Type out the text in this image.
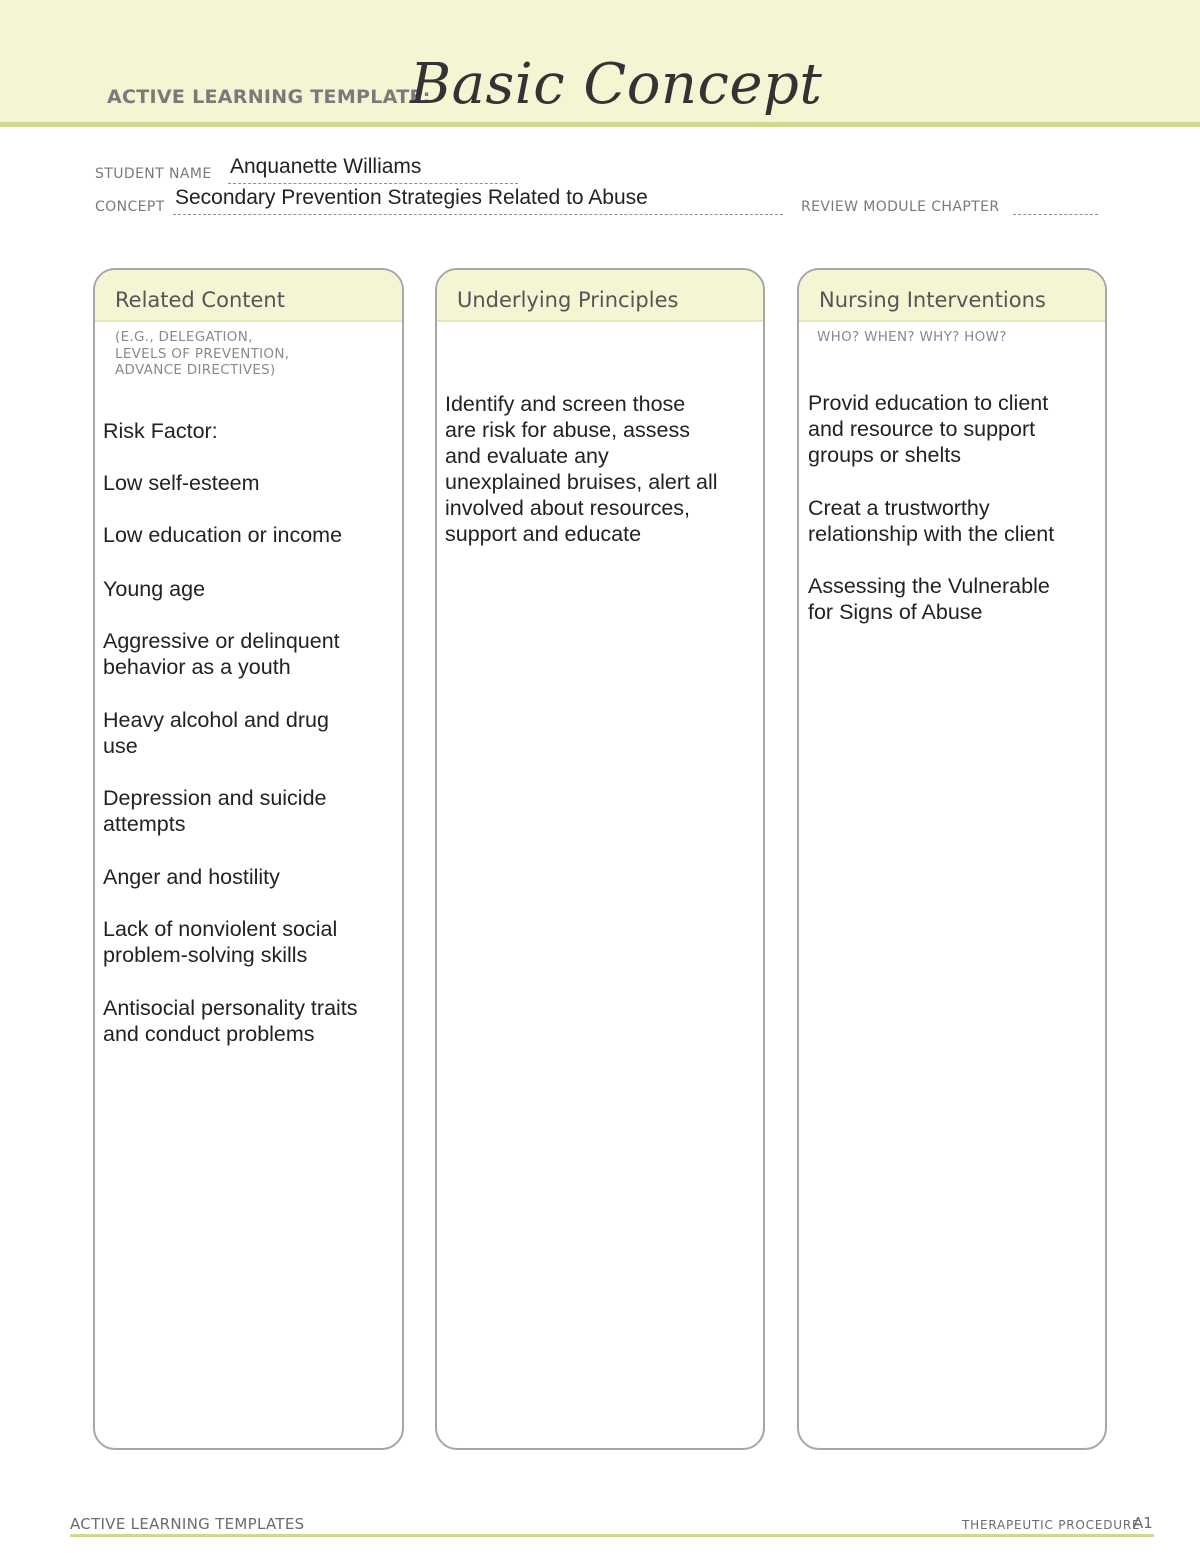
ACTIVE LEARNING TEMPLATE:
Basic Concept
STUDENT NAME Anquanette Williams
CONCEPT Secondary Prevention Strategies Related to Abuse	REVIEW MODULE CHAPTER
Related Content
(E.G., DELEGATION,
LEVELS OF PREVENTION,
ADVANCE DIRECTIVES)
Risk Factor:
Low self-esteem
Low education or income
Young age
Aggressive or delinquent
behavior as a youth
Heavy alcohol and drug
use
Depression and suicide
attempts
Anger and hostility
Lack of nonviolent social
problem-solving skills
Antisocial personality traits
and conduct problems
Underlying Principles
Identify and screen those
are risk for abuse, assess
and evaluate any
unexplained bruises, alert all
involved about resources,
support and educate
Nursing Interventions
WHO? WHEN? WHY? HOW?
Provid education to client
and resource to support
groups or shelts
Creat a trustworthy
relationship with the client
Assessing the Vulnerable
for Signs of Abuse
ACTIVE LEARNING TEMPLATES	THERAPEUTIC PROCEDURE
A1
